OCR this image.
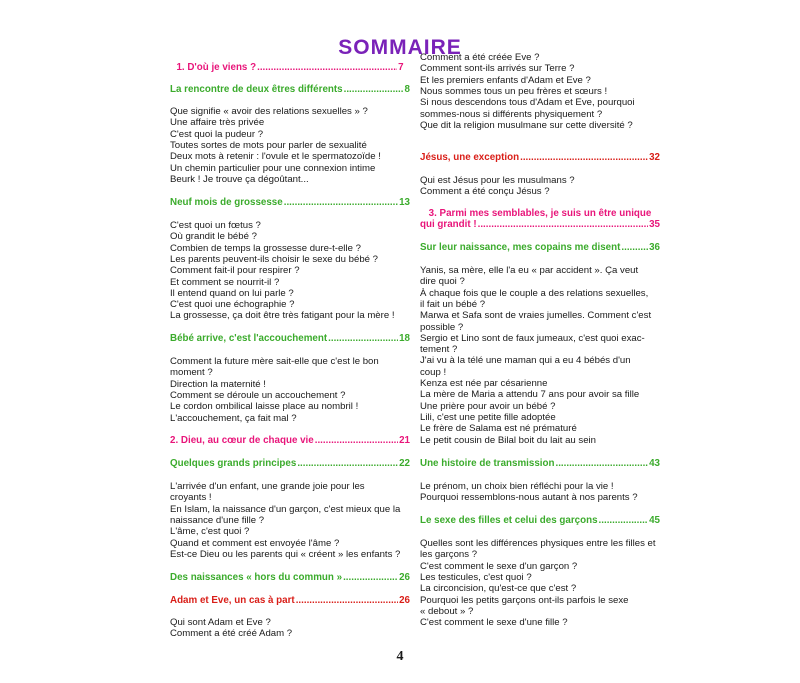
SOMMAIRE
1. D'où je viens ? .....	7
La rencontre de deux êtres différents .....	8
Que signifie « avoir des relations sexuelles » ?
Une affaire très privée
C'est quoi la pudeur ?
Toutes sortes de mots pour parler de sexualité
Deux mots à retenir : l'ovule et le spermatozoïde !
Un chemin particulier pour une connexion intime
Beurk ! Je trouve ça dégoûtant...
Neuf mois de grossesse .....	13
C'est quoi un fœtus ?
Où grandit le bébé ?
Combien de temps la grossesse dure-t-elle ?
Les parents peuvent-ils choisir le sexe du bébé ?
Comment fait-il pour respirer ?
Et comment se nourrit-il ?
Il entend quand on lui parle ?
C'est quoi une échographie ?
La grossesse, ça doit être très fatigant pour la mère !
Bébé arrive, c'est l'accouchement .....	18
Comment la future mère sait-elle que c'est le bon
moment ?
Direction la maternité !
Comment se déroule un accouchement ?
Le cordon ombilical laisse place au nombril !
L'accouchement, ça fait mal ?
2. Dieu, au cœur de chaque vie .....	21
Quelques grands principes .....	22
L'arrivée d'un enfant, une grande joie pour les
croyants !
En Islam, la naissance d'un garçon, c'est mieux que la
naissance d'une fille ?
L'âme, c'est quoi ?
Quand et comment est envoyée l'âme ?
Est-ce Dieu ou les parents qui « créent » les enfants ?
Des naissances « hors du commun » .....	26
Adam et Eve, un cas à part .....	26
Qui sont Adam et Eve ?
Comment a été créé Adam ?
Comment a été créée Eve ?
Comment sont-ils arrivés sur Terre ?
Et les premiers enfants d'Adam et Eve ?
Nous sommes tous un peu frères et sœurs !
Si nous descendons tous d'Adam et Eve, pourquoi
sommes-nous si différents physiquement ?
Que dit la religion musulmane sur cette diversité ?
Jésus, une exception .....	32
Qui est Jésus pour les musulmans ?
Comment a été conçu Jésus ?
3. Parmi mes semblables, je suis un être unique
qui grandit ! .....	35
Sur leur naissance, mes copains me disent .....	36
Yanis, sa mère, elle l'a eu « par accident ». Ça veut
dire quoi ?
À chaque fois que le couple a des relations sexuelles,
il fait un bébé ?
Marwa et Safa sont de vraies jumelles. Comment c'est
possible ?
Sergio et Lino sont de faux jumeaux, c'est quoi exac-
tement ?
J'ai vu à la télé une maman qui a eu 4 bébés d'un
coup !
Kenza est née par césarienne
La mère de Maria a attendu 7 ans pour avoir sa fille
Une prière pour avoir un bébé ?
Lili, c'est une petite fille adoptée
Le frère de Salama est né prématuré
Le petit cousin de Bilal boit du lait au sein
Une histoire de transmission .....	43
Le prénom, un choix bien réfléchi pour la vie !
Pourquoi ressemblons-nous autant à nos parents ?
Le sexe des filles et celui des garçons .....	45
Quelles sont les différences physiques entre les filles et
les garçons ?
C'est comment le sexe d'un garçon ?
Les testicules, c'est quoi ?
La circoncision, qu'est-ce que c'est ?
Pourquoi les petits garçons ont-ils parfois le sexe
« debout » ?
C'est comment le sexe d'une fille ?
4
